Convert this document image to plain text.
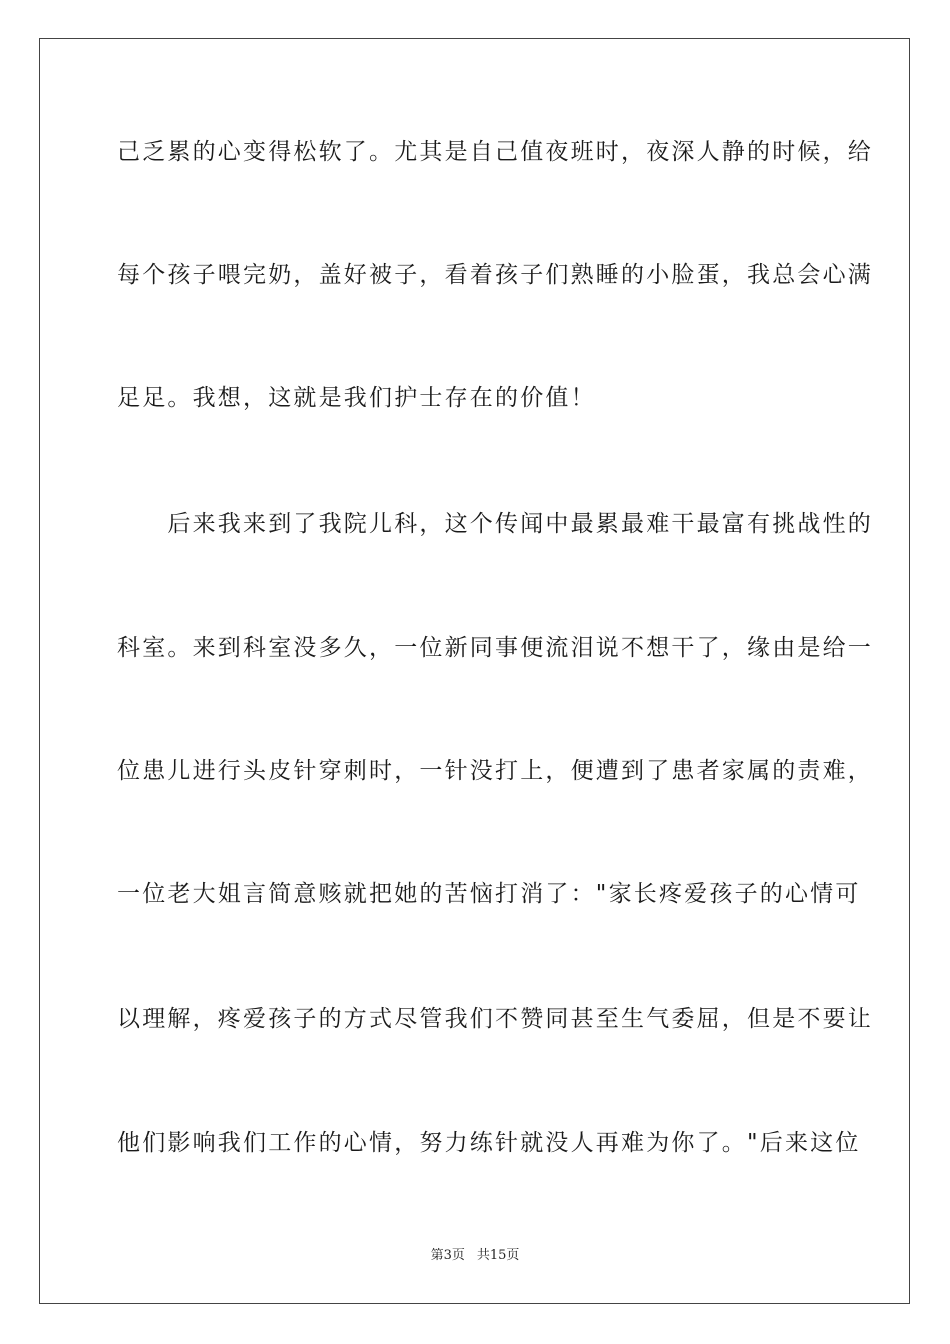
己乏累的心变得松软了。尤其是自己值夜班时，夜深人静的时候，给
每个孩子喂完奶，盖好被子，看着孩子们熟睡的小脸蛋，我总会心满
足足。我想，这就是我们护士存在的价值！
　　后来我来到了我院儿科，这个传闻中最累最难干最富有挑战性的
科室。来到科室没多久，一位新同事便流泪说不想干了，缘由是给一
位患儿进行头皮针穿刺时，一针没打上，便遭到了患者家属的责难，
一位老大姐言简意赅就把她的苦恼打消了："家长疼爱孩子的心情可
以理解，疼爱孩子的方式尽管我们不赞同甚至生气委屈，但是不要让
他们影响我们工作的心情，努力练针就没人再难为你了。"后来这位
第3页 共15页
